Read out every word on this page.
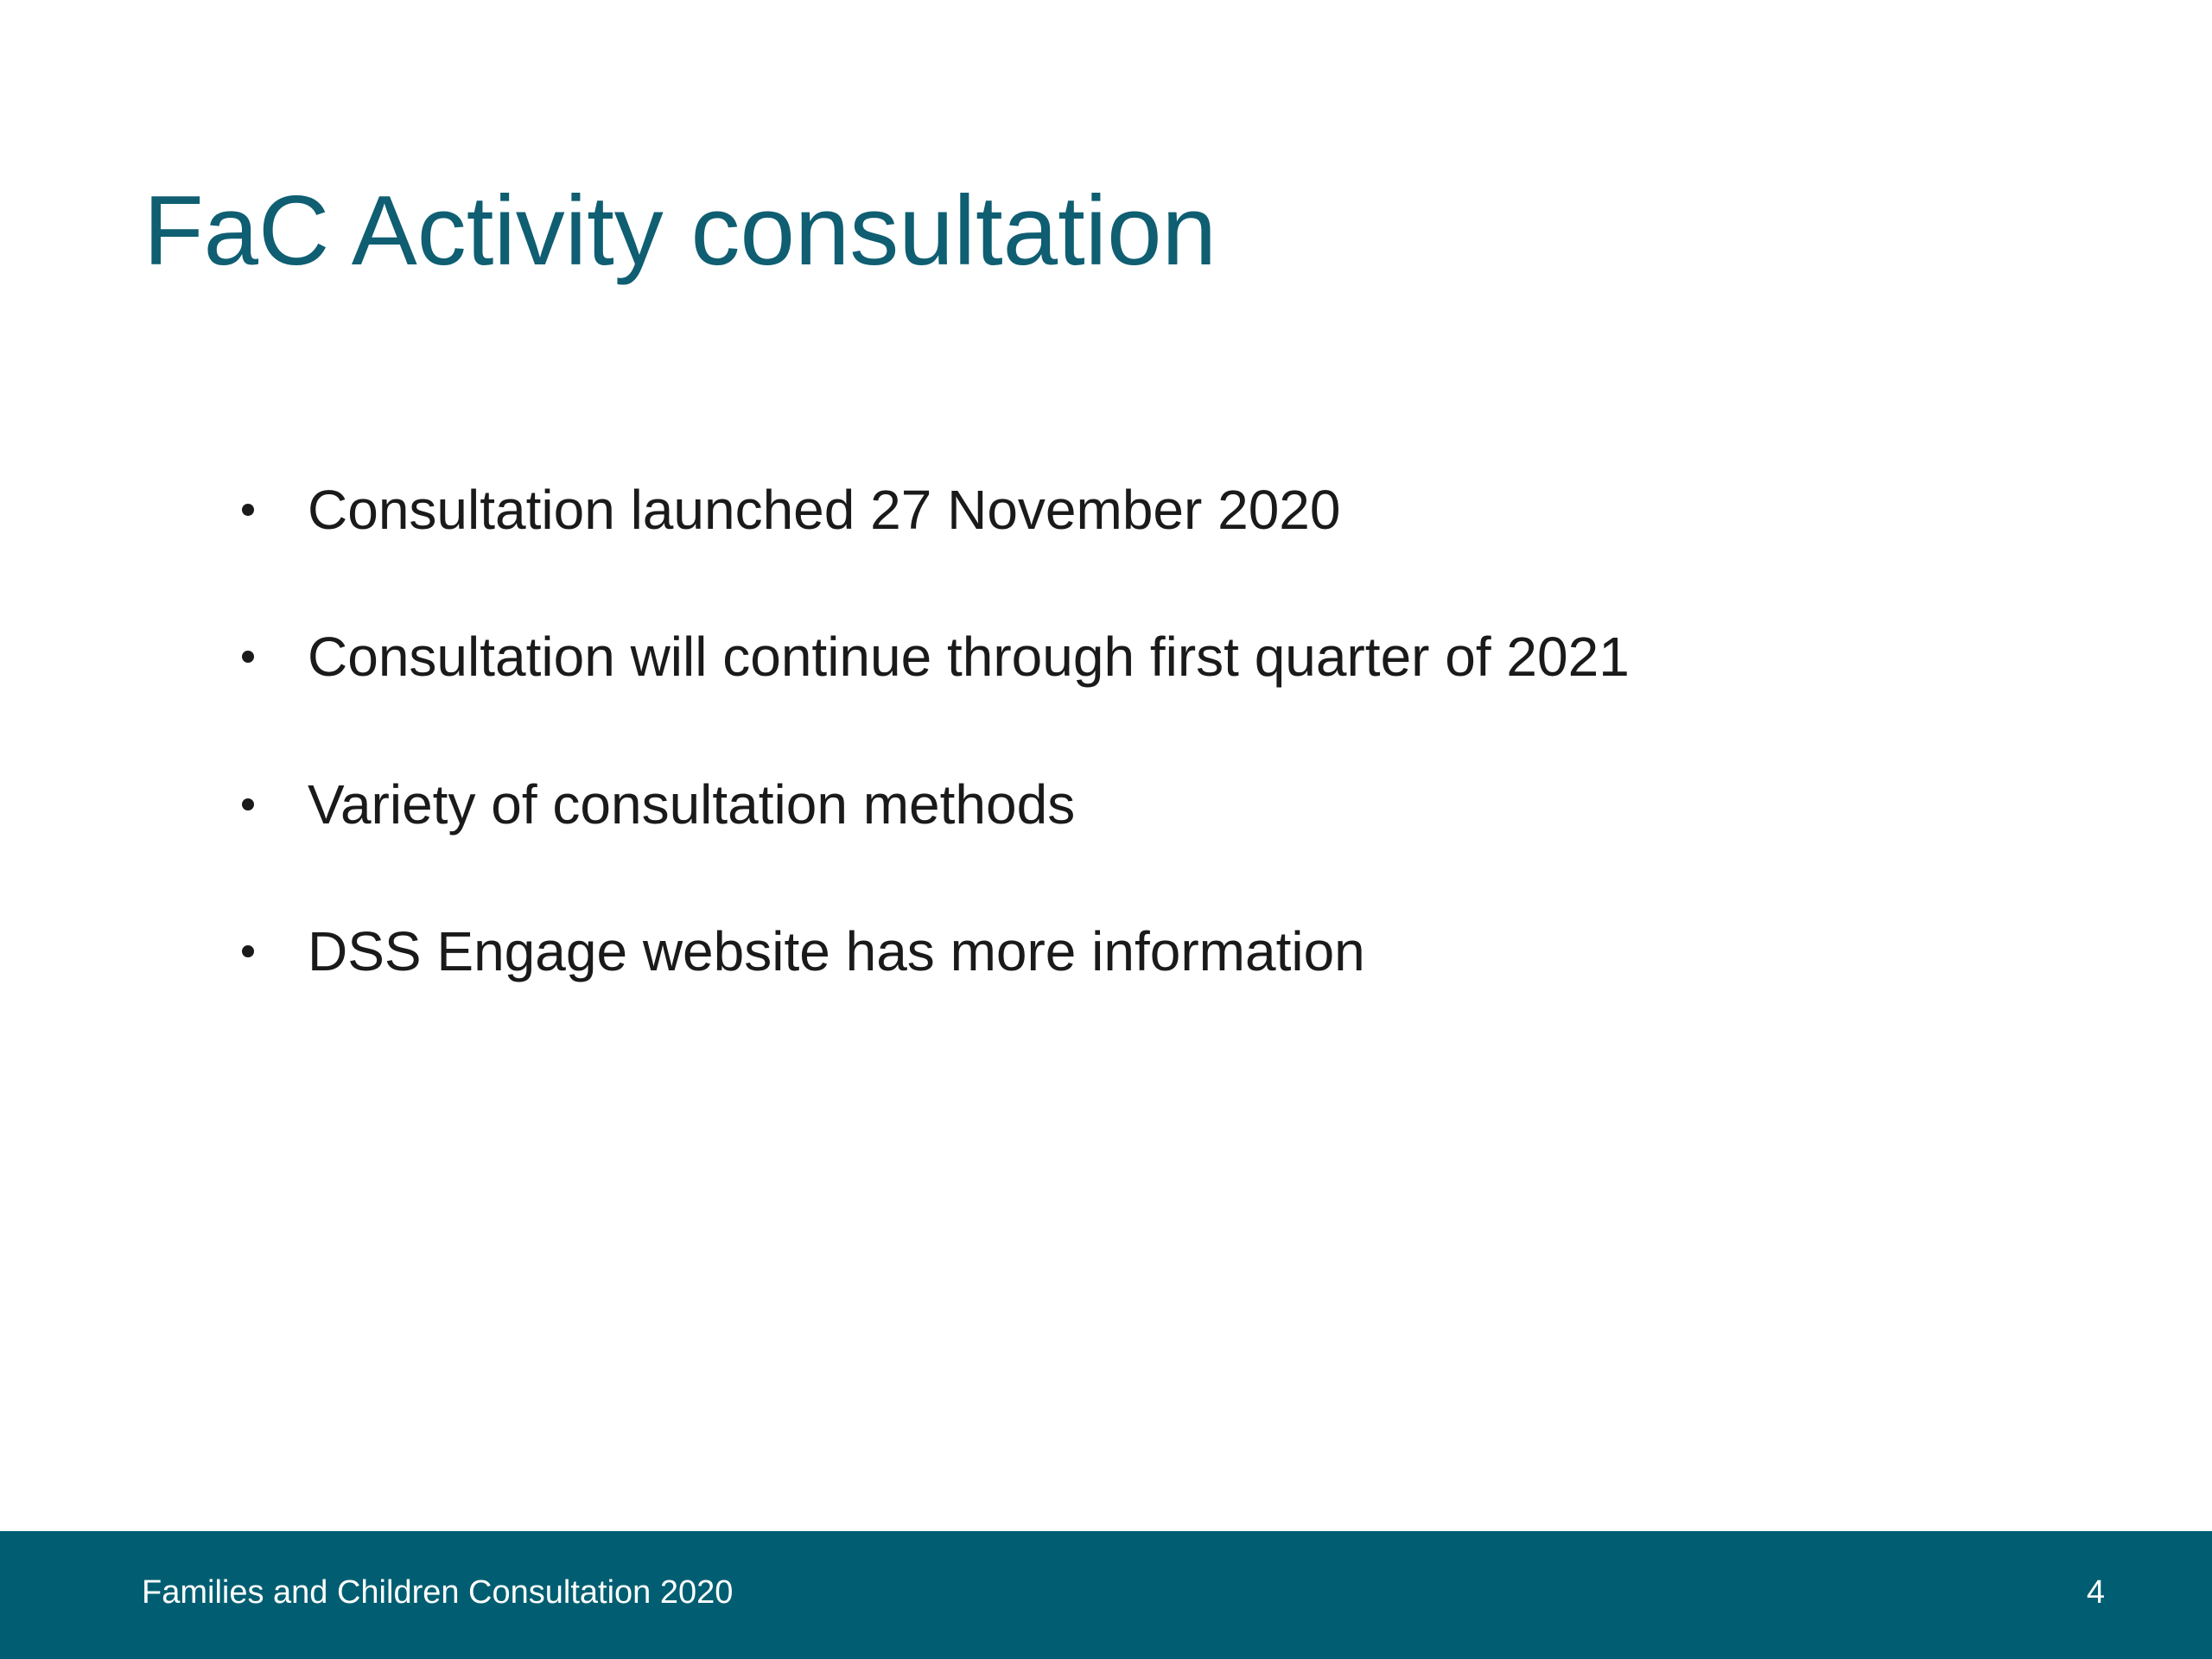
FaC Activity consultation
Consultation launched 27 November 2020
Consultation will continue through first quarter of 2021
Variety of consultation methods
DSS Engage website has more information
Families and Children Consultation 2020	4
